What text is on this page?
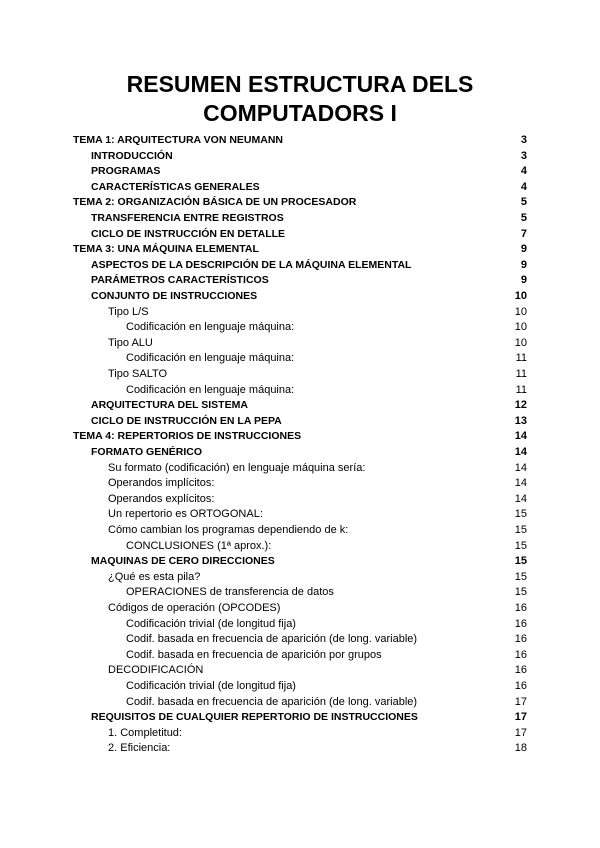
RESUMEN ESTRUCTURA DELS
COMPUTADORS I
TEMA 1: ARQUITECTURA VON NEUMANN	3
INTRODUCCIÓN	3
PROGRAMAS	4
CARACTERÍSTICAS GENERALES	4
TEMA 2: ORGANIZACIÓN BÁSICA DE UN PROCESADOR	5
TRANSFERENCIA ENTRE REGISTROS	5
CICLO DE INSTRUCCIÓN EN DETALLE	7
TEMA 3: UNA MÁQUINA ELEMENTAL	9
ASPECTOS DE LA DESCRIPCIÓN DE LA MÁQUINA ELEMENTAL	9
PARÁMETROS CARACTERÍSTICOS	9
CONJUNTO DE INSTRUCCIONES	10
Tipo L/S	10
Codificación en lenguaje máquina:	10
Tipo ALU	10
Codificación en lenguaje máquina:	11
Tipo SALTO	11
Codificación en lenguaje máquina:	11
ARQUITECTURA DEL SISTEMA	12
CICLO DE INSTRUCCIÓN EN LA PEPA	13
TEMA 4: REPERTORIOS DE INSTRUCCIONES	14
FORMATO GENÉRICO	14
Su formato (codificación) en lenguaje máquina sería:	14
Operandos implícitos:	14
Operandos explícitos:	14
Un repertorio es ORTOGONAL:	15
Cómo cambian los programas dependiendo de k:	15
CONCLUSIONES (1ª aprox.):	15
MAQUINAS DE CERO DIRECCIONES	15
¿Qué es esta pila?	15
OPERACIONES de transferencia de datos	15
Códigos de operación (OPCODES)	16
Codificación trivial (de longitud fija)	16
Codif. basada en frecuencia de aparición (de long. variable)	16
Codif. basada en frecuencia de aparición por grupos	16
DECODIFICACIÓN	16
Codificación trivial (de longitud fija)	16
Codif. basada en frecuencia de aparición (de long. variable)	17
REQUISITOS DE CUALQUIER REPERTORIO DE INSTRUCCIONES	17
1. Completitud:	17
2. Eficiencia:	18
